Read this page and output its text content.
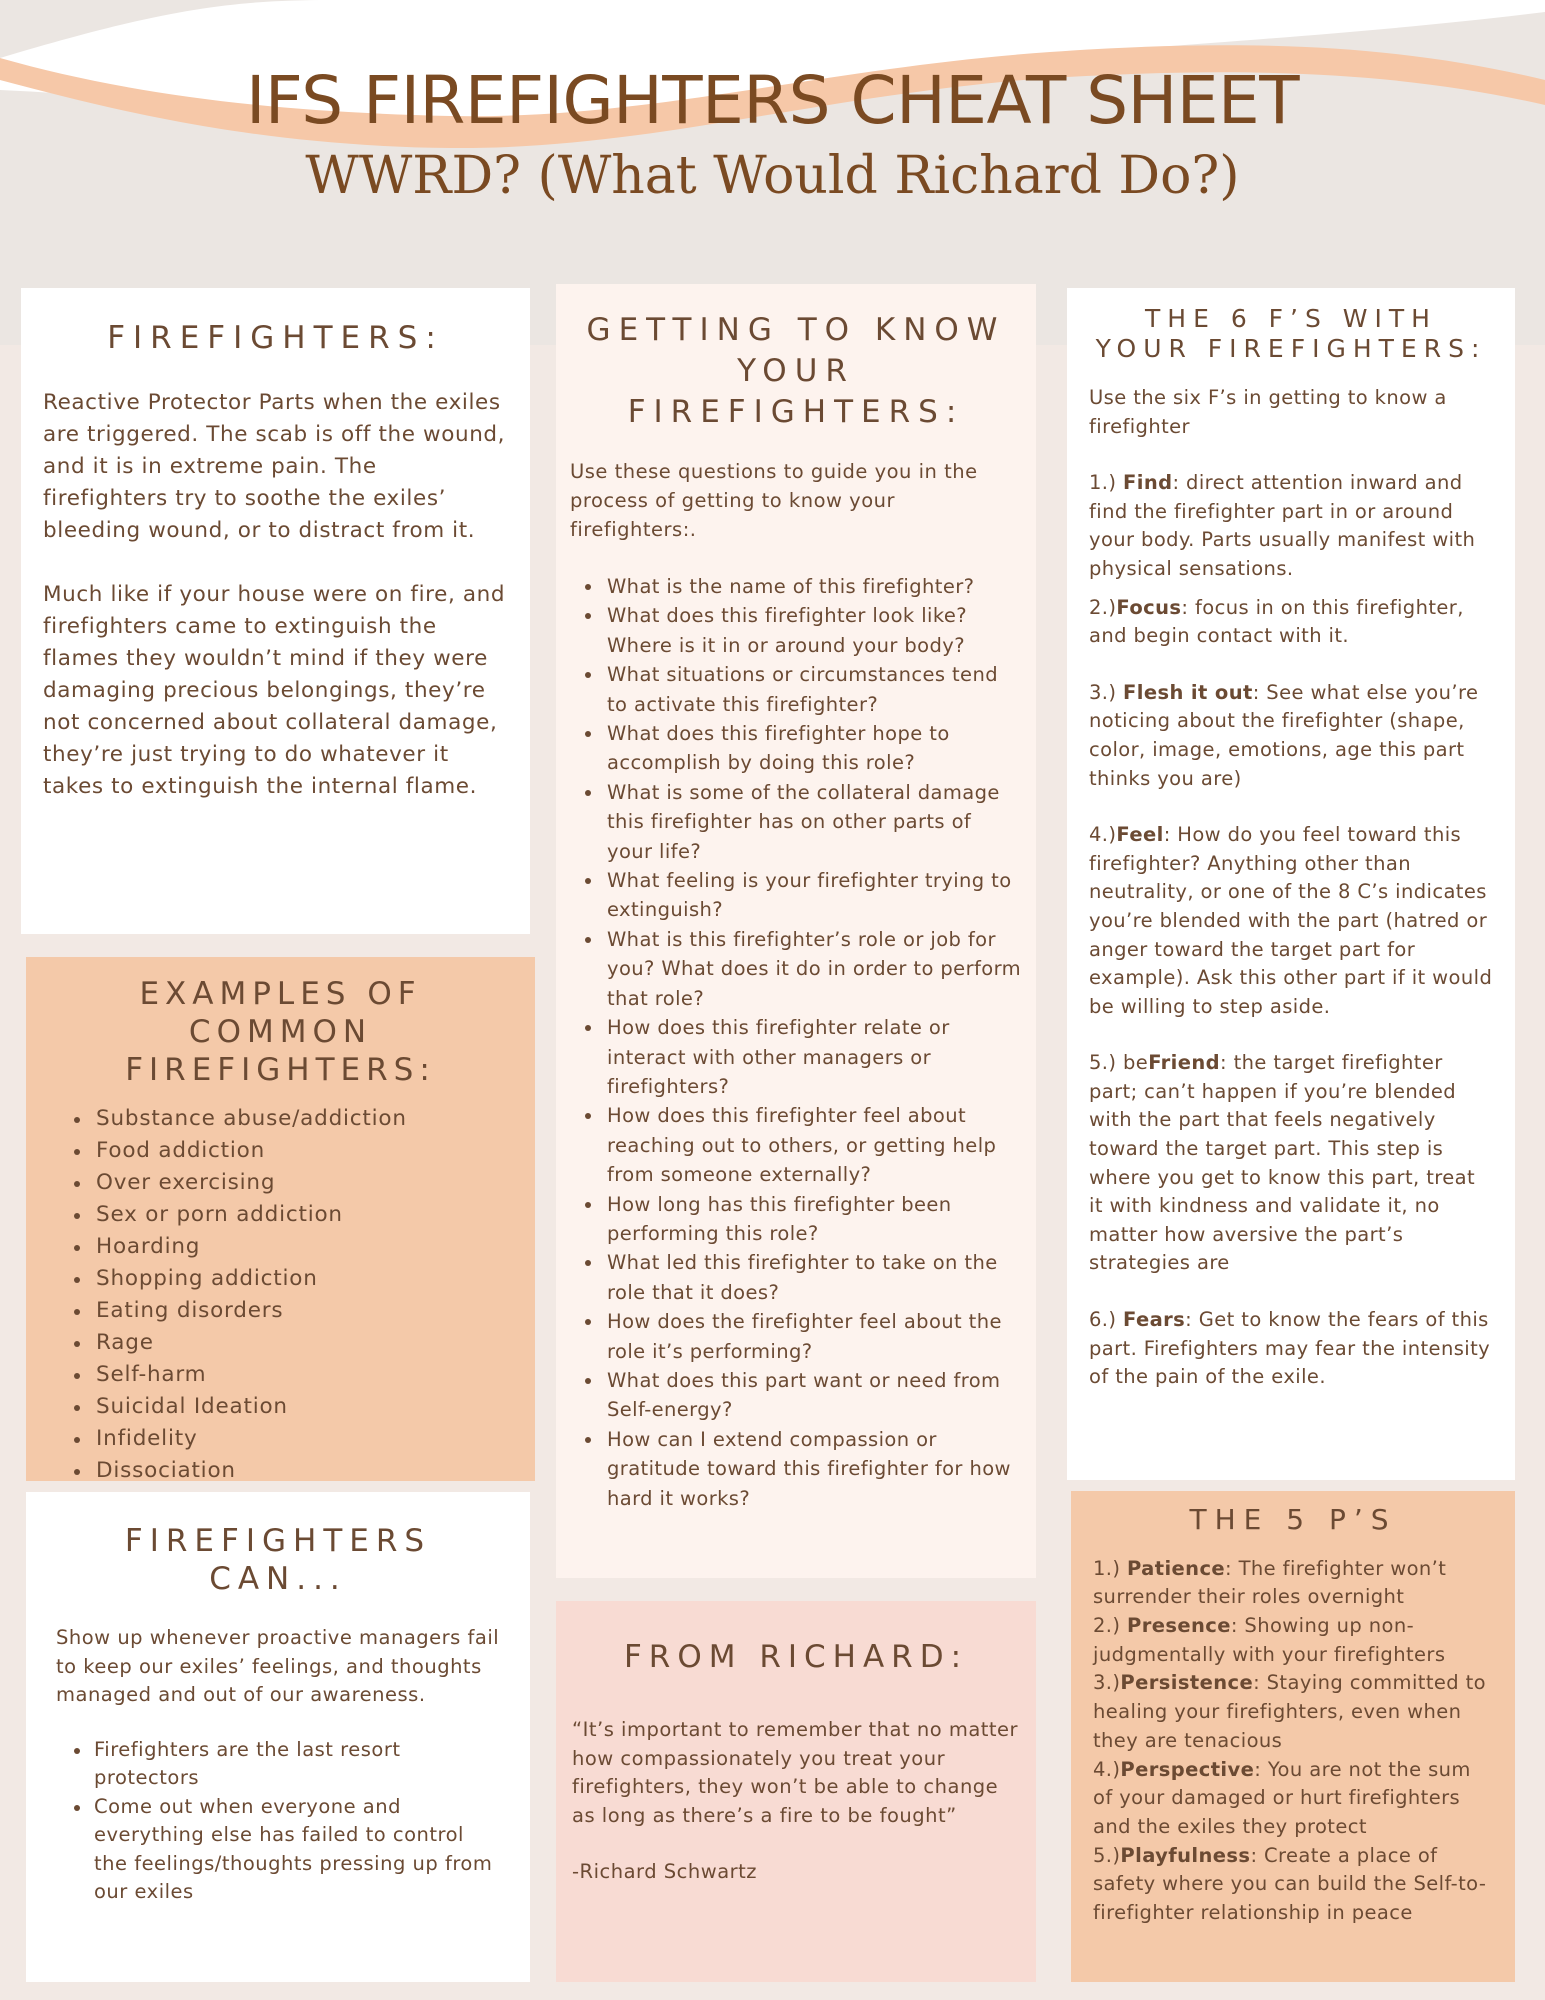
IFS FIREFIGHTERS CHEAT SHEET
WWRD? (What Would Richard Do?)
FIREFIGHTERS:

Reactive Protector Parts when the exiles are triggered. The scab is off the wound, and it is in extreme pain. The firefighters try to soothe the exiles’ bleeding wound, or to distract from it.

Much like if your house were on fire, and firefighters came to extinguish the flames they wouldn’t mind if they were damaging precious belongings, they’re not concerned about collateral damage, they’re just trying to do whatever it takes to extinguish the internal flame.

EXAMPLES OF COMMON FIREFIGHTERS:
Substance abuse/addiction
Food addiction
Over exercising
Sex or porn addiction
Hoarding
Shopping addiction
Eating disorders
Rage
Self-harm
Suicidal Ideation
Infidelity
Dissociation
FIREFIGHTERS CAN...

Show up whenever proactive managers fail to keep our exiles’ feelings, and thoughts managed and out of our awareness.

Firefighters are the last resort protectors
Come out when everyone and everything else has failed to control the feelings/thoughts pressing up from our exiles
GETTING TO KNOW YOUR FIREFIGHTERS:

Use these questions to guide you in the process of getting to know your firefighters:.

What is the name of this firefighter?
What does this firefighter look like? Where is it in or around your body?
What situations or circumstances tend to activate this firefighter?
What does this firefighter hope to accomplish by doing this role?
What is some of the collateral damage this firefighter has on other parts of your life?
What feeling is your firefighter trying to extinguish?
What is this firefighter’s role or job for you? What does it do in order to perform that role?
How does this firefighter relate or interact with other managers or firefighters?
How does this firefighter feel about reaching out to others, or getting help from someone externally?
How long has this firefighter been performing this role?
What led this firefighter to take on the role that it does?
How does the firefighter feel about the role it’s performing?
What does this part want or need from Self-energy?
How can I extend compassion or gratitude toward this firefighter for how hard it works?
FROM RICHARD:

“It’s important to remember that no matter how compassionately you treat your firefighters, they won’t be able to change as long as there’s a fire to be fought”

-Richard Schwartz

THE 6 F’S WITH YOUR FIREFIGHTERS:

Use the six F’s in getting to know a firefighter

1.) Find: direct attention inward and find the firefighter part in or around your body. Parts usually manifest with physical sensations.

2.)Focus: focus in on this firefighter, and begin contact with it.

3.) Flesh it out: See what else you’re noticing about the firefighter (shape, color, image, emotions, age this part thinks you are)

4.)Feel: How do you feel toward this firefighter? Anything other than neutrality, or one of the 8 C’s indicates you’re blended with the part (hatred or anger toward the target part for example). Ask this other part if it would be willing to step aside.

5.) beFriend: the target firefighter part; can’t happen if you’re blended with the part that feels negatively toward the target part. This step is where you get to know this part, treat it with kindness and validate it, no matter how aversive the part’s strategies are

6.) Fears: Get to know the fears of this part. Firefighters may fear the intensity of the pain of the exile.

THE 5 P’S

1.) Patience: The firefighter won’t surrender their roles overnight

2.) Presence: Showing up non-judgmentally with your firefighters

3.)Persistence: Staying committed to healing your firefighters, even when they are tenacious

4.)Perspective: You are not the sum of your damaged or hurt firefighters and the exiles they protect

5.)Playfulness: Create a place of safety where you can build the Self-to-firefighter relationship in peace
